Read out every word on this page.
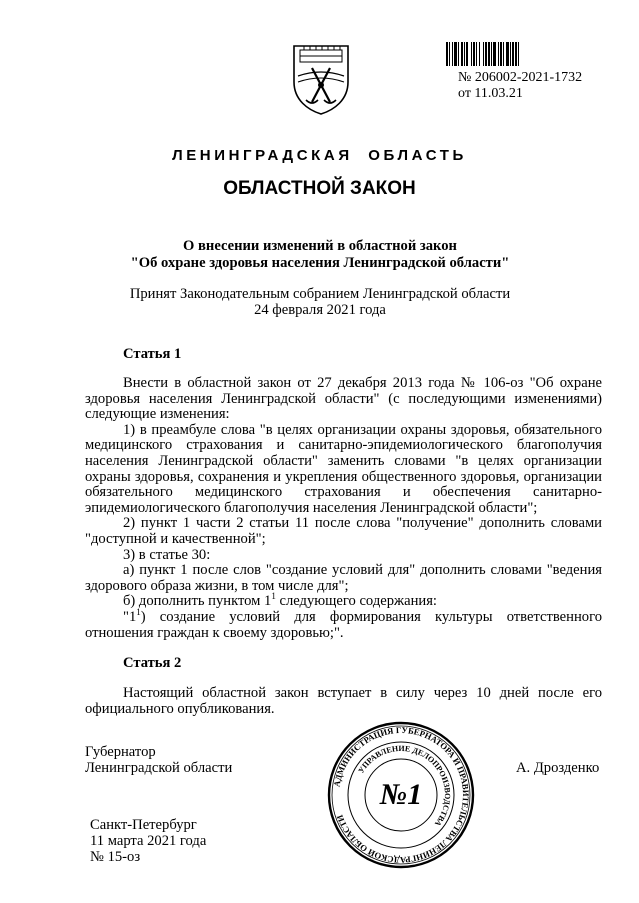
№ 206002-2021-1732
от 11.03.21
ЛЕНИНГРАДСКАЯ  ОБЛАСТЬ
ОБЛАСТНОЙ ЗАКОН
О внесении изменений в областной закон
"Об охране здоровья населения Ленинградской области"
Принят Законодательным собранием Ленинградской области
24 февраля 2021 года
Статья 1

Внести в областной закон от 27 декабря 2013 года № 106-оз "Об охране здоровья населения Ленинградской области" (с последующими изменениями) следующие изменения:

1) в преамбуле слова "в целях организации охраны здоровья, обязательного медицинского страхования и санитарно-эпидемиологического благополучия населения Ленинградской области" заменить словами "в целях организации охраны здоровья, сохранения и укрепления общественного здоровья, организации обязательного медицинского страхования и обеспечения санитарно-эпидемиологического благополучия населения Ленинградской области";

2) пункт 1 части 2 статьи 11 после слова "получение" дополнить словами "доступной и качественной";

3) в статье 30:

а) пункт 1 после слов "создание условий для" дополнить словами "ведения здорового образа жизни, в том числе для";

б) дополнить пунктом $1^1$ следующего содержания:

"$1^1$) создание условий для формирования культуры ответственного отношения граждан к своему здоровью;".

Статья 2

Настоящий областной закон вступает в силу через 10 дней после его официального опубликования.

Губернатор
Ленинградской области	А. Дрозденко
АДМИНИСТРАЦИЯ ГУБЕРНАТОРА И ПРАВИТЕЛЬСТВА ЛЕНИНГРАДСКОЙ ОБЛАСТИ
УПРАВЛЕНИЕ ДЕЛОПРОИЗВОДСТВА
№1
Санкт-Петербург
11 марта 2021 года
№ 15-оз
